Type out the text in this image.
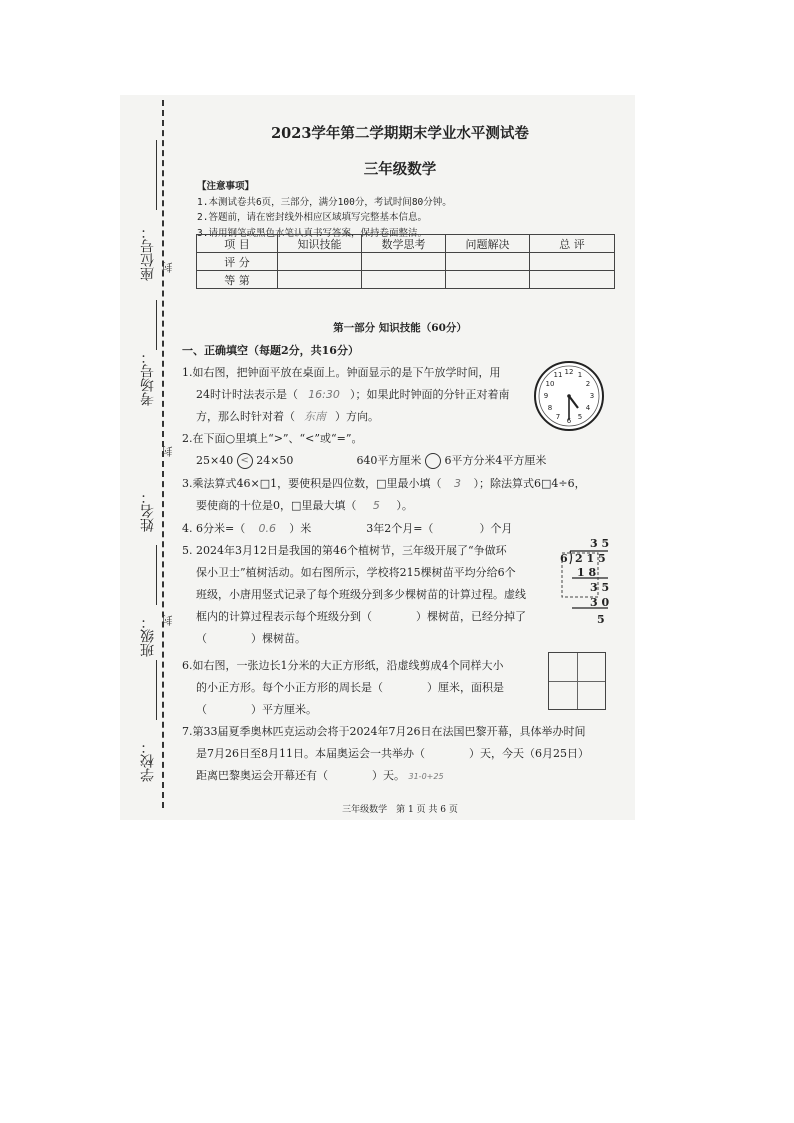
座位号： 封
考场号：
封
姓名：
班级： 封
学校：
2023学年第二学期期末学业水平测试卷
三年级数学
【注意事项】
1.本测试卷共6页，三部分，满分100分，考试时间80分钟。
2.答题前，请在密封线外相应区域填写完整基本信息。
3.请用钢笔或黑色水笔认真书写答案，保持卷面整洁。
项 目	知识技能	数学思考	问题解决	总 评
评 分				
等 第				
第一部分 知识技能（60分）
一、正确填空（每题2分，共16分）
1.如右图，把钟面平放在桌面上。钟面显示的是下午放学时间，用
24时计时法表示是（ 16:30 ）；如果此时钟面的分针正对着南
方，那么时针对着（ 东南 ）方向。
12 1
2
3
4
5
6
7
8
9
10
11
2.在下面○里填上“>”、“<”或“=”。
25×40 < 24×50	640平方厘米 6平方分米4平方厘米
3.乘法算式46×□1，要使积是四位数，□里最小填（ 3 ）；除法算式6□4÷6，
要使商的十位是0，□里最大填（ 5 ）。
4. 6分米=（ 0.6 ）米	3年2个月=（	）个月
5. 2024年3月12日是我国的第46个植树节，三年级开展了“争做环
保小卫士”植树活动。如右图所示，学校将215棵树苗平均分给6个
班级，小唐用竖式记录了每个班级分到多少棵树苗的计算过程。虚线
框内的计算过程表示每个班级分到（　　　　）棵树苗，已经分掉了
（　　　　）棵树苗。
3 5
6 2 1 5
1 8
3 5
3 0
5
6.如右图，一张边长1分米的大正方形纸，沿虚线剪成4个同样大小
的小正方形。每个小正方形的周长是（　　　　）厘米，面积是
（　　　　）平方厘米。
7.第33届夏季奥林匹克运动会将于2024年7月26日在法国巴黎开幕，具体举办时间
是7月26日至8月11日。本届奥运会一共举办（　　　　）天，今天（6月25日）
距离巴黎奥运会开幕还有（　　　　）天。 31-0+25
三年级数学　第 1 页 共 6 页
